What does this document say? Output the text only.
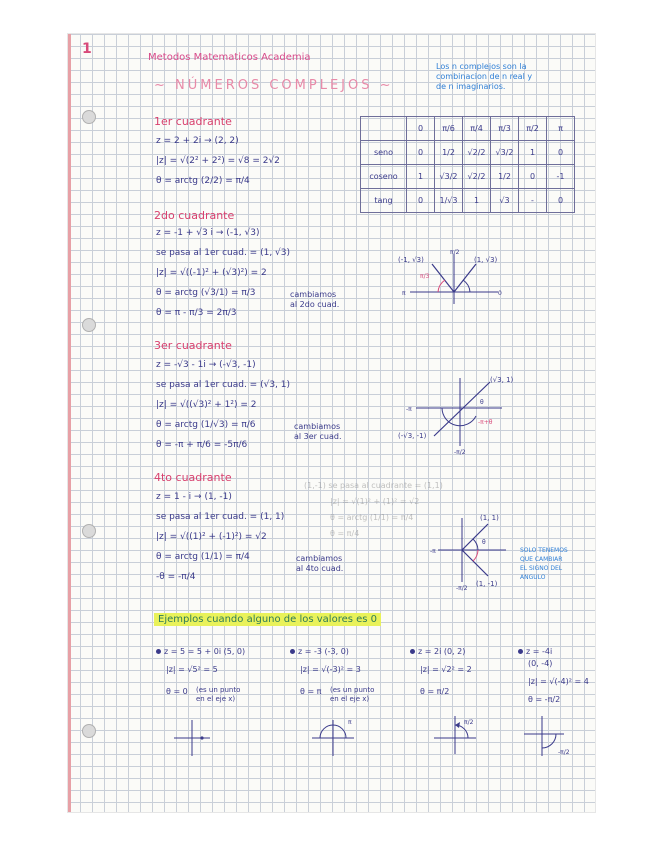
1
Metodos Matematicos Academia
~ NÚMEROS COMPLEJOS ~
Los n complejos son la
combinacion de n real y
de n imaginarios.
	0	π/6	π/4	π/3	π/2	π
seno	0	1/2	√2/2	√3/2	1	0
coseno	1	√3/2	√2/2	1/2	0	-1
tang	0	1/√3	1	√3	-	0
1er cuadrante
z = 2 + 2i → (2, 2)
|z| = √(2² + 2²) = √8 = 2√2
θ = arctg (2/2) = π/4
2do cuadrante
z = -1 + √3 i → (-1, √3)
se pasa al 1er cuad. = (1, √3)
|z| = √((-1)² + (√3)²) = 2
θ = arctg (√3/1) = π/3
θ = π - π/3 = 2π/3
cambiamos
al 2do cuad.
(-1, √3)	(1, √3)
π/2
π/3
π	0
3er cuadrante
z = -√3 - 1i → (-√3, -1)
se pasa al 1er cuad. = (√3, 1)
|z| = √((√3)² + 1²) = 2
θ = arctg (1/√3) = π/6
θ = -π + π/6 = -5π/6
cambiamos
al 3er cuad.
(√3, 1)
(-√3, -1)
-π
θ
-π+θ
-π/2
(1,-1) se pasa al cuadrante = (1,1)
|z| = √(1)² + (1)² = √2
θ = arctg (1/1) = π/4
θ = π/4
4to cuadrante
z = 1 - i → (1, -1)
se pasa al 1er cuad. = (1, 1)
|z| = √((1)² + (-1)²) = √2
θ = arctg (1/1) = π/4
-θ = -π/4
cambiamos
al 4to cuad.
(1, 1)
(1, -1)
-π
θ
-π/2
SOLO TENEMOS
QUE CAMBIAR
EL SIGNO DEL
ANGULO
Ejemplos cuando alguno de los valores es 0
z = 5 = 5 + 0i (5, 0)
|z| = √5² = 5
θ = 0 (es un punto
en el eje x)
z = -3 (-3, 0)
|z| = √(-3)² = 3
θ = π (es un punto
en el eje x)
π
z = 2i (0, 2)
|z| = √2² = 2
θ = π/2
π/2
z = -4i
(0, -4)
|z| = √(-4)² = 4
θ = -π/2
-π/2
